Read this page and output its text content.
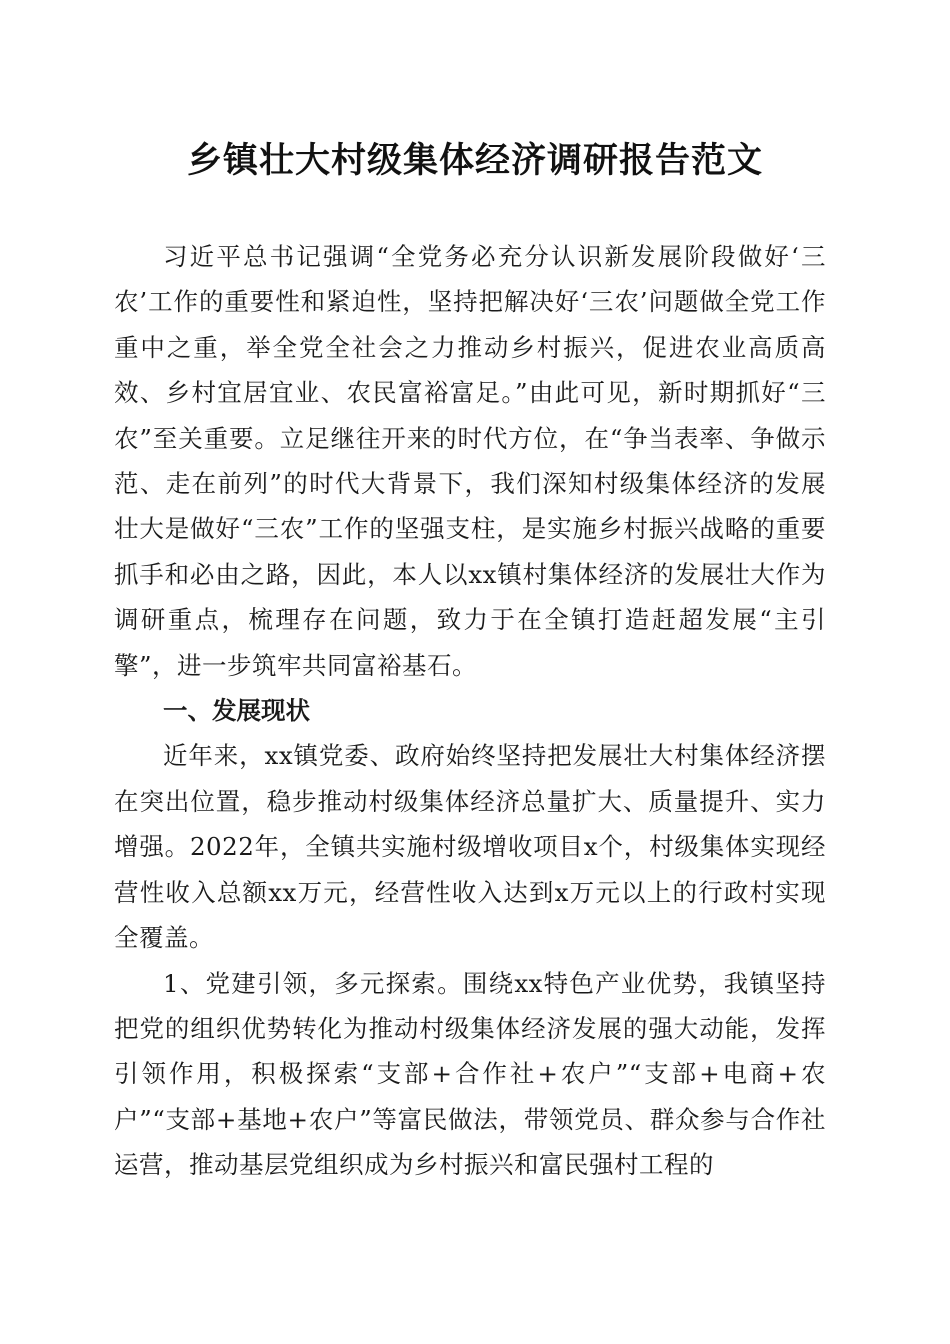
乡镇壮大村级集体经济调研报告范文

习近平总书记强调“全党务必充分认识新发展阶段做好‘三农’工作的重要性和紧迫性，坚持把解决好‘三农’问题做全党工作重中之重，举全党全社会之力推动乡村振兴，促进农业高质高效、乡村宜居宜业、农民富裕富足。”由此可见，新时期抓好“三农”至关重要。立足继往开来的时代方位，在“争当表率、争做示范、走在前列”的时代大背景下，我们深知村级集体经济的发展壮大是做好“三农”工作的坚强支柱，是实施乡村振兴战略的重要抓手和必由之路，因此，本人以xx镇村集体经济的发展壮大作为调研重点，梳理存在问题，致力于在全镇打造赶超发展“主引擎”，进一步筑牢共同富裕基石。

一、发展现状

近年来，xx镇党委、政府始终坚持把发展壮大村集体经济摆在突出位置，稳步推动村级集体经济总量扩大、质量提升、实力增强。2022年，全镇共实施村级增收项目x个，村级集体实现经营性收入总额xx万元，经营性收入达到x万元以上的行政村实现全覆盖。

1、党建引领，多元探索。围绕xx特色产业优势，我镇坚持把党的组织优势转化为推动村级集体经济发展的强大动能，发挥引领作用，积极探索“支部+合作社+农户”“支部+电商+农户”“支部+基地+农户”等富民做法，带领党员、群众参与合作社运营，推动基层党组织成为乡村振兴和富民强村工程的
